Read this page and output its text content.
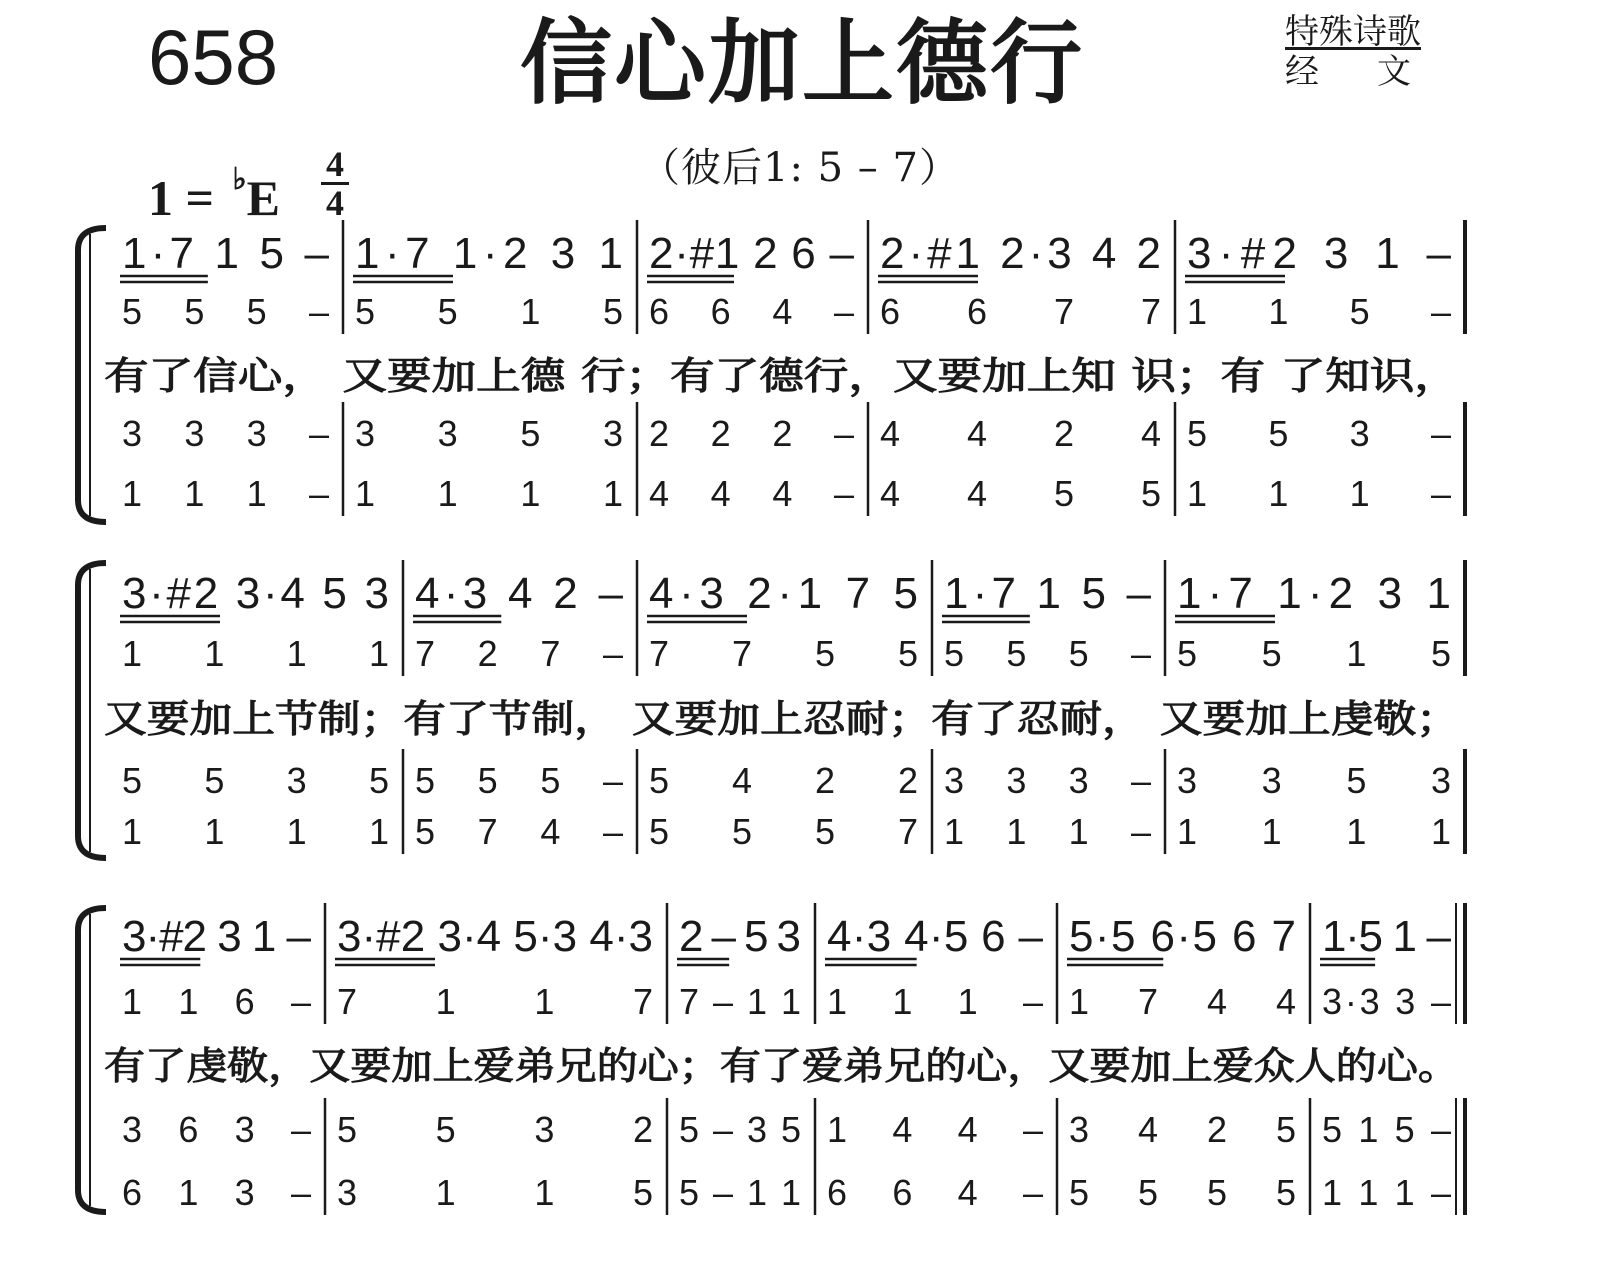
658	信心加上德行	特殊诗歌
经文
1 = ♭E
4
4
（彼后1: 5 – 7）
有了信心， 又要加上德 行；有了德行，又要加上知 识；有 了知识，
1·7 1 5 – 1·7 1·2 3 1 2·#1 2 6 – 2·#1 2·3 4 2 3·#2 3 1 –
5 5 5 – 5 5 1 5 6 6 4 – 6 6 7 7 1 1 5 –
3 3 3 – 3 3 5 3 2 2 2 – 4 4 2 4 5 5 3 –
1 1 1 – 1 1 1 1 4 4 4 – 4 4 5 5 1 1 1 –
又要加上节制；有了节制， 又要加上忍耐；有了忍耐， 又要加上虔敬；
3·#2 3·4 5 3 4·3 4 2 – 4·3 2·1 7 5 1·7 1 5 – 1·7 1·2 3 1
1 1 1 1 7 2 7 – 7 7 5 5 5 5 5 – 5 5 1 5
5 5 3 5 5 5 5 – 5 4 2 2 3 3 3 – 3 3 5 3
1 1 1 1 5 7 4 – 5 5 5 7 1 1 1 – 1 1 1 1
有了虔敬，又要加上爱弟兄的心；有了爱弟兄的心，又要加上爱众人的心。
3·#2 3 1 – 3·#2 3·4 5·3 4·3 2 – 5 3 4·3 4·5 6 – 5·5 6·5 6 7 1·5 1 –
1 1 6 – 7 1 1 7 7 – 1 1 1 1 1 – 1 7 4 4 3·3 3 –
3 6 3 – 5 5 3 2 5 – 3 5 1 4 4 – 3 4 2 5 5 1 5 –
6 1 3 – 3 1 1 5 5 – 1 1 6 6 4 – 5 5 5 5 1 1 1 –
